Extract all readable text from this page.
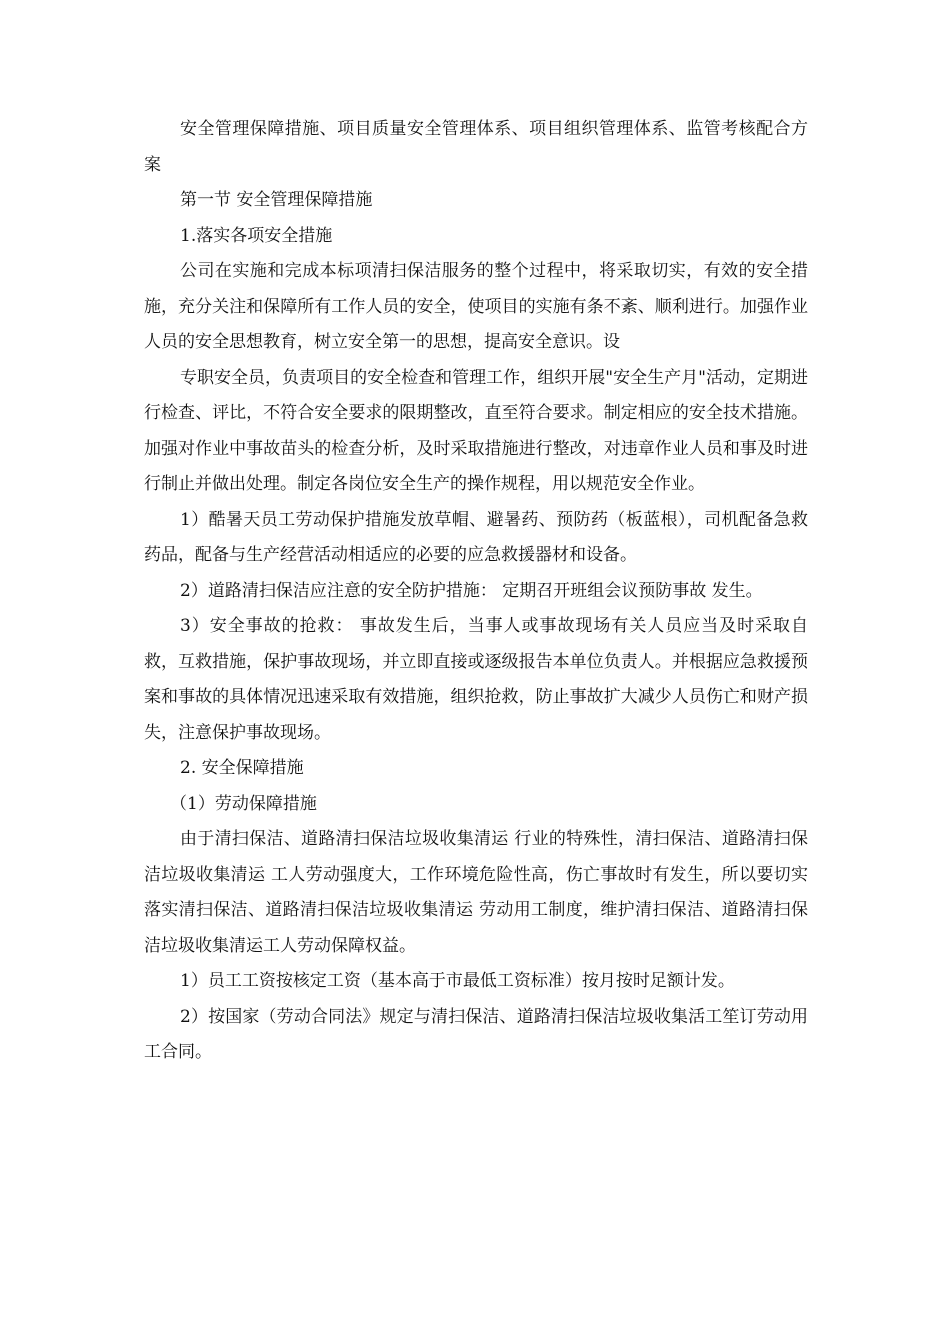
安全管理保障措施、项目质量安全管理体系、项目组织管理体系、监管考核配合方案

第一节 安全管理保障措施

1.落实各项安全措施

公司在实施和完成本标项清扫保洁服务的整个过程中，将采取切实，有效的安全措施，充分关注和保障所有工作人员的安全，使项目的实施有条不紊、顺利进行。加强作业人员的安全思想教育，树立安全第一的思想，提高安全意识。设

专职安全员，负责项目的安全检查和管理工作，组织开展"安全生产月"活动，定期进行检查、评比，不符合安全要求的限期整改，直至符合要求。制定相应的安全技术措施。加强对作业中事故苗头的检查分析，及时采取措施进行整改，对违章作业人员和事及时进行制止并做出处理。制定各岗位安全生产的操作规程，用以规范安全作业。

1）酷暑天员工劳动保护措施发放草帽、避暑药、预防药（板蓝根），司机配备急救药品，配备与生产经营活动相适应的必要的应急救援器材和设备。

2）道路清扫保洁应注意的安全防护措施： 定期召开班组会议预防事故 发生。

3）安全事故的抢救： 事故发生后，当事人或事故现场有关人员应当及时采取自救，互救措施，保护事故现场，并立即直接或逐级报告本单位负责人。并根据应急救援预案和事故的具体情况迅速采取有效措施，组织抢救，防止事故扩大减少人员伤亡和财产损失，注意保护事故现场。

2. 安全保障措施

（1）劳动保障措施

由于清扫保洁、道路清扫保洁垃圾收集清运 行业的特殊性，清扫保洁、道路清扫保洁垃圾收集清运 工人劳动强度大，工作环境危险性高，伤亡事故时有发生，所以要切实落实清扫保洁、道路清扫保洁垃圾收集清运 劳动用工制度，维护清扫保洁、道路清扫保洁垃圾收集清运工人劳动保障权益。

1）员工工资按核定工资（基本高于市最低工资标准）按月按时足额计发。

2）按国家（劳动合同法》规定与清扫保洁、道路清扫保洁垃圾收集活工笙订劳动用工合同。
